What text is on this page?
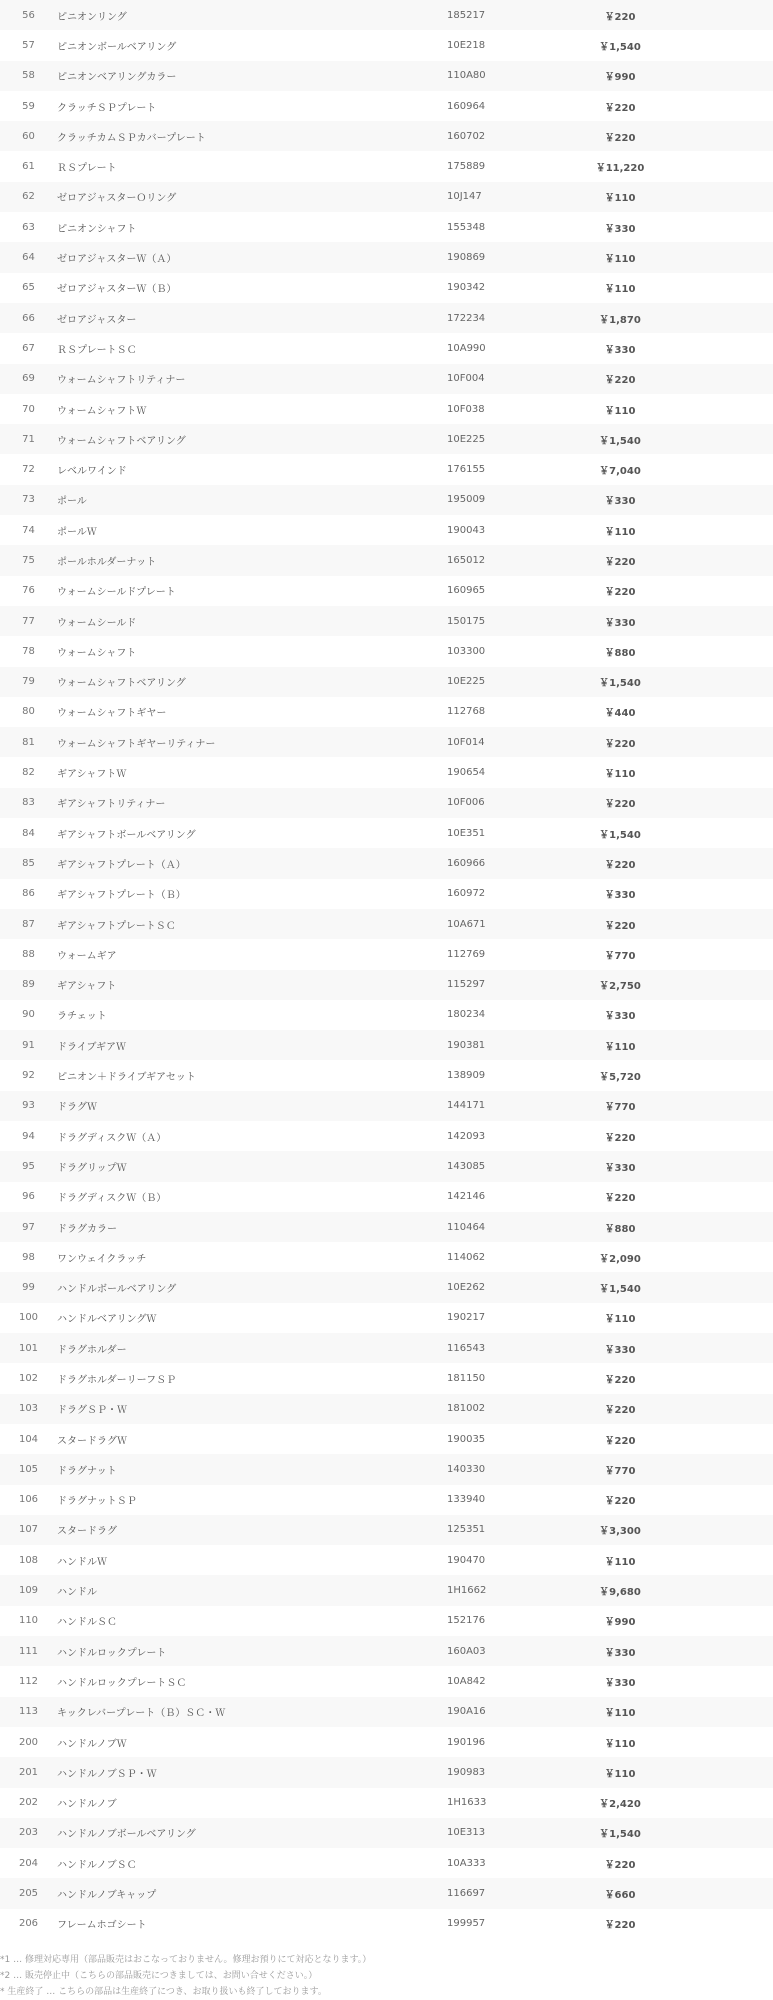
56	ピニオンリング	185217	￥220	
57	ピニオンボールベアリング	10E218	￥1,540	
58	ピニオンベアリングカラー	110A80	￥990	
59	クラッチＳＰプレート	160964	￥220	
60	クラッチカムＳＰカバープレート	160702	￥220	
61	ＲＳプレート	175889	￥11,220	
62	ゼロアジャスターＯリング	10J147	￥110	
63	ピニオンシャフト	155348	￥330	
64	ゼロアジャスターＷ（Ａ）	190869	￥110	
65	ゼロアジャスターＷ（Ｂ）	190342	￥110	
66	ゼロアジャスター	172234	￥1,870	
67	ＲＳプレートＳＣ	10A990	￥330	
69	ウォームシャフトリティナー	10F004	￥220	
70	ウォームシャフトＷ	10F038	￥110	
71	ウォームシャフトベアリング	10E225	￥1,540	
72	レベルワインド	176155	￥7,040	
73	ポール	195009	￥330	
74	ポールＷ	190043	￥110	
75	ポールホルダーナット	165012	￥220	
76	ウォームシールドプレート	160965	￥220	
77	ウォームシールド	150175	￥330	
78	ウォームシャフト	103300	￥880	
79	ウォームシャフトベアリング	10E225	￥1,540	
80	ウォームシャフトギヤー	112768	￥440	
81	ウォームシャフトギヤーリティナー	10F014	￥220	
82	ギアシャフトＷ	190654	￥110	
83	ギアシャフトリティナー	10F006	￥220	
84	ギアシャフトボールベアリング	10E351	￥1,540	
85	ギアシャフトプレート（Ａ）	160966	￥220	
86	ギアシャフトプレート（Ｂ）	160972	￥330	
87	ギアシャフトプレートＳＣ	10A671	￥220	
88	ウォームギア	112769	￥770	
89	ギアシャフト	115297	￥2,750	
90	ラチェット	180234	￥330	
91	ドライブギアＷ	190381	￥110	
92	ピニオン＋ドライブギアセット	138909	￥5,720	
93	ドラグＷ	144171	￥770	
94	ドラグディスクＷ（Ａ）	142093	￥220	
95	ドラグリップＷ	143085	￥330	
96	ドラグディスクＷ（Ｂ）	142146	￥220	
97	ドラグカラー	110464	￥880	
98	ワンウェイクラッチ	114062	￥2,090	
99	ハンドルボールベアリング	10E262	￥1,540	
100	ハンドルベアリングＷ	190217	￥110	
101	ドラグホルダー	116543	￥330	
102	ドラグホルダーリーフＳＰ	181150	￥220	
103	ドラグＳＰ・Ｗ	181002	￥220	
104	スタードラグＷ	190035	￥220	
105	ドラグナット	140330	￥770	
106	ドラグナットＳＰ	133940	￥220	
107	スタードラグ	125351	￥3,300	
108	ハンドルＷ	190470	￥110	
109	ハンドル	1H1662	￥9,680	
110	ハンドルＳＣ	152176	￥990	
111	ハンドルロックプレート	160A03	￥330	
112	ハンドルロックプレートＳＣ	10A842	￥330	
113	キックレバープレート（Ｂ）ＳＣ・Ｗ	190A16	￥110	
200	ハンドルノブＷ	190196	￥110	
201	ハンドルノブＳＰ・Ｗ	190983	￥110	
202	ハンドルノブ	1H1633	￥2,420	
203	ハンドルノブボールベアリング	10E313	￥1,540	
204	ハンドルノブＳＣ	10A333	￥220	
205	ハンドルノブキャップ	116697	￥660	
206	フレームホゴシート	199957	￥220	
*1 … 修理対応専用（部品販売はおこなっておりません。修理お預りにて対応となります。）
*2 … 販売停止中（こちらの部品販売につきましては、お問い合せください。）
* 生産終了 … こちらの部品は生産終了につき、お取り扱いも終了しております。
